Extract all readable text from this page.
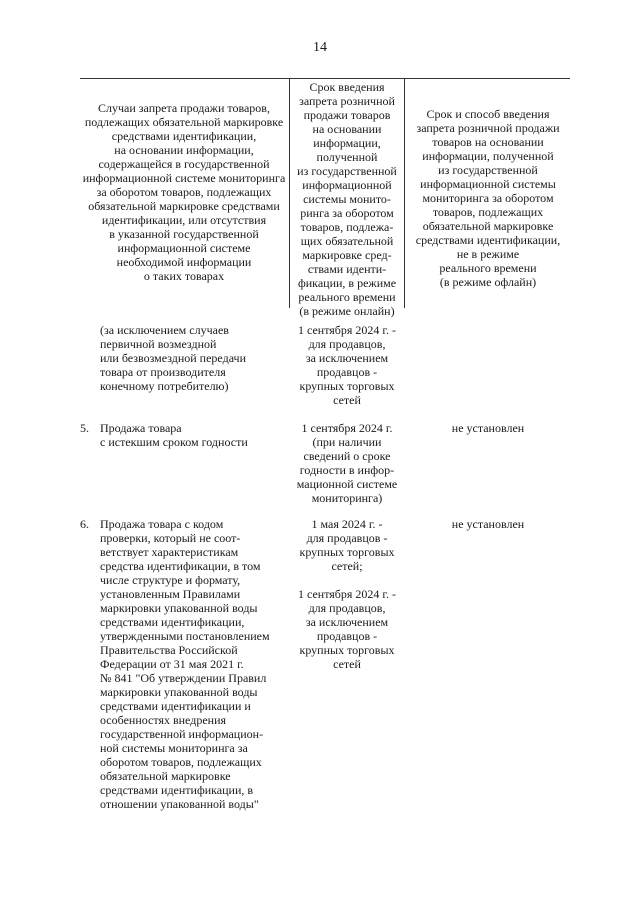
14
Случаи запрета продажи товаров,
подлежащих обязательной маркировке
средствами идентификации,
на основании информации,
содержащейся в государственной
информационной системе мониторинга
за оборотом товаров, подлежащих
обязательной маркировке средствами
идентификации, или отсутствия
в указанной государственной
информационной системе
необходимой информации
о таких товарах
Срок введения
запрета розничной
продажи товаров
на основании
информации,
полученной
из государственной
информационной
системы монито-
ринга за оборотом
товаров, подлежа-
щих обязательной
маркировке сред-
ствами иденти-
фикации, в режиме
реального времени
(в режиме онлайн)
Срок и способ введения
запрета розничной продажи
товаров на основании
информации, полученной
из государственной
информационной системы
мониторинга за оборотом
товаров, подлежащих
обязательной маркировке
средствами идентификации,
не в режиме
реального времени
(в режиме офлайн)
(за исключением случаев
первичной возмездной
или безвозмездной передачи
товара от производителя
конечному потребителю)
1 сентября 2024 г. -
для продавцов,
за исключением
продавцов -
крупных торговых
сетей
5. Продажа товара
с истекшим сроком годности
1 сентября 2024 г.
(при наличии
сведений о сроке
годности в инфор-
мационной системе
мониторинга)
не установлен
6. Продажа товара с кодом
проверки, который не соот-
ветствует характеристикам
средства идентификации, в том
числе структуре и формату,
установленным Правилами
маркировки упакованной воды
средствами идентификации,
утвержденными постановлением
Правительства Российской
Федерации от 31 мая 2021 г.
№ 841 "Об утверждении Правил
маркировки упакованной воды
средствами идентификации и
особенностях внедрения
государственной информацион-
ной системы мониторинга за
оборотом товаров, подлежащих
обязательной маркировке
средствами идентификации, в
отношении упакованной воды"
1 мая 2024 г. -
для продавцов -
крупных торговых
сетей;

1 сентября 2024 г. -
для продавцов,
за исключением
продавцов -
крупных торговых
сетей
не установлен
